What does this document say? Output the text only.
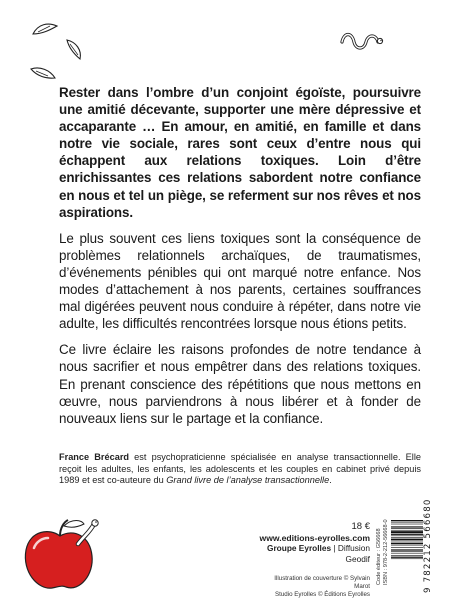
Rester dans l’ombre d’un conjoint égoïste, poursuivre une amitié décevante, supporter une mère dépressive et accaparante … En amour, en amitié, en famille et dans notre vie sociale, rares sont ceux d’entre nous qui échappent aux relations toxiques. Loin d’être enrichissantes ces relations sabordent notre confiance en nous et tel un piège, se referment sur nos rêves et nos aspirations.

Le plus souvent ces liens toxiques sont la conséquence de problèmes relationnels archaïques, de traumatismes, d’événements pénibles qui ont marqué notre enfance. Nos modes d’attachement à nos parents, certaines souffrances mal digérées peuvent nous conduire à répéter, dans notre vie adulte, les difficultés rencontrées lorsque nous étions petits.

Ce livre éclaire les raisons profondes de notre tendance à nous sacrifier et nous empêtrer dans des relations toxiques. En prenant conscience des répétitions que nous mettons en œuvre, nous parviendrons à nous libérer et à fonder de nouveaux liens sur le partage et la confiance.

France Brécard est psychopraticienne spécialisée en analyse transactionnelle. Elle reçoit les adultes, les enfants, les adolescents et les couples en cabinet privé depuis 1989 et est co-auteure du Grand livre de l’analyse transactionnelle.
18 €
www.editions-eyrolles.com
Groupe Eyrolles | Diffusion Geodif
Illustration de couverture © Sylvain Marot
Studio Eyrolles © Éditions Eyrolles
Code éditeur : G56668 ISBN : 978-2-212-56668-0	9 782212 566680
